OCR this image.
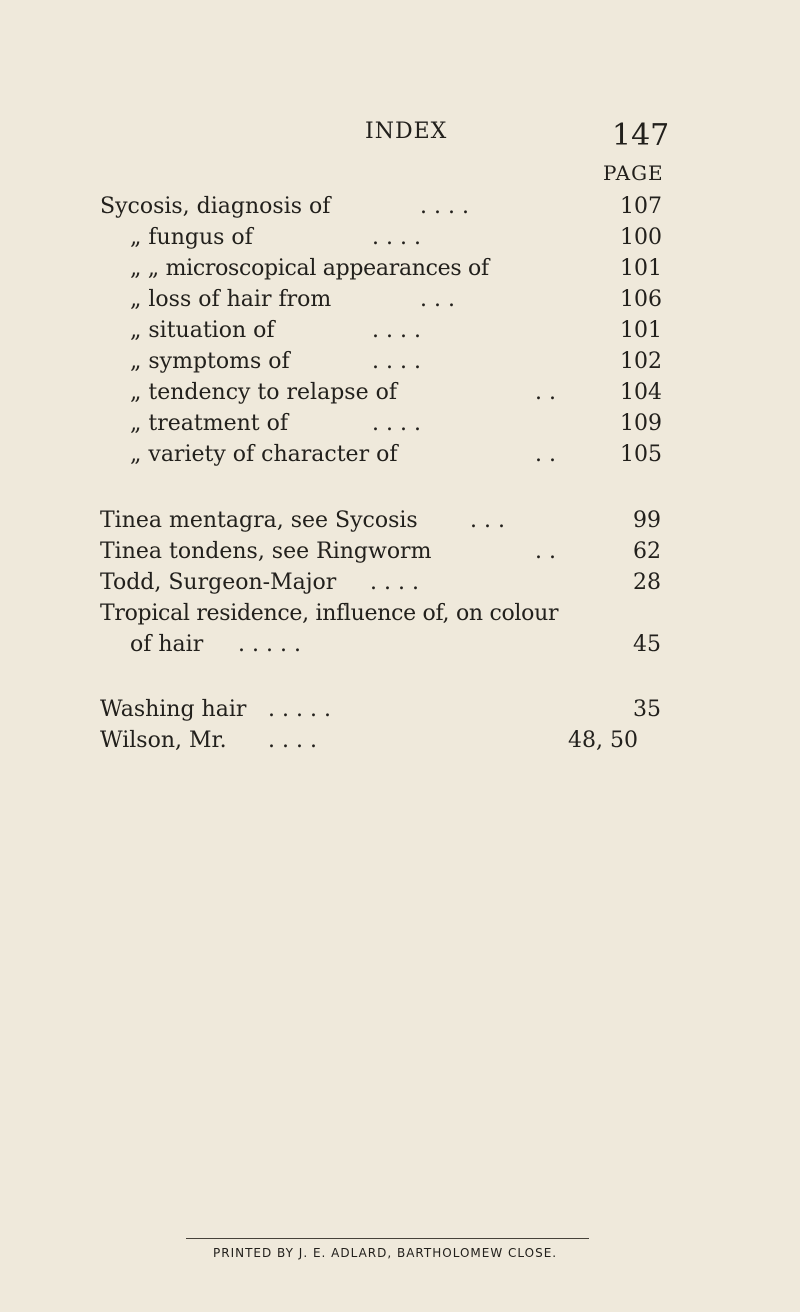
INDEX	147
PAGE
Sycosis, diagnosis of	. . . .	107
„ fungus of	. . . .	100
„ „ microscopical appearances of	101
„ loss of hair from	. . .	106
„ situation of	. . . .	101
„ symptoms of	. . . .	102
„ tendency to relapse of	. .	104
„ treatment of	. . . .	109
„ variety of character of	. .	105
Tinea mentagra, see Sycosis . . .	99
Tinea tondens, see Ringworm	. .	62
Todd, Surgeon-Major . . . .	28
Tropical residence, influence of, on colour
of hair . . . . .	45
Washing hair . . . . .	35
Wilson, Mr. . . . .	48, 50
PRINTED BY J. E. ADLARD, BARTHOLOMEW CLOSE.
